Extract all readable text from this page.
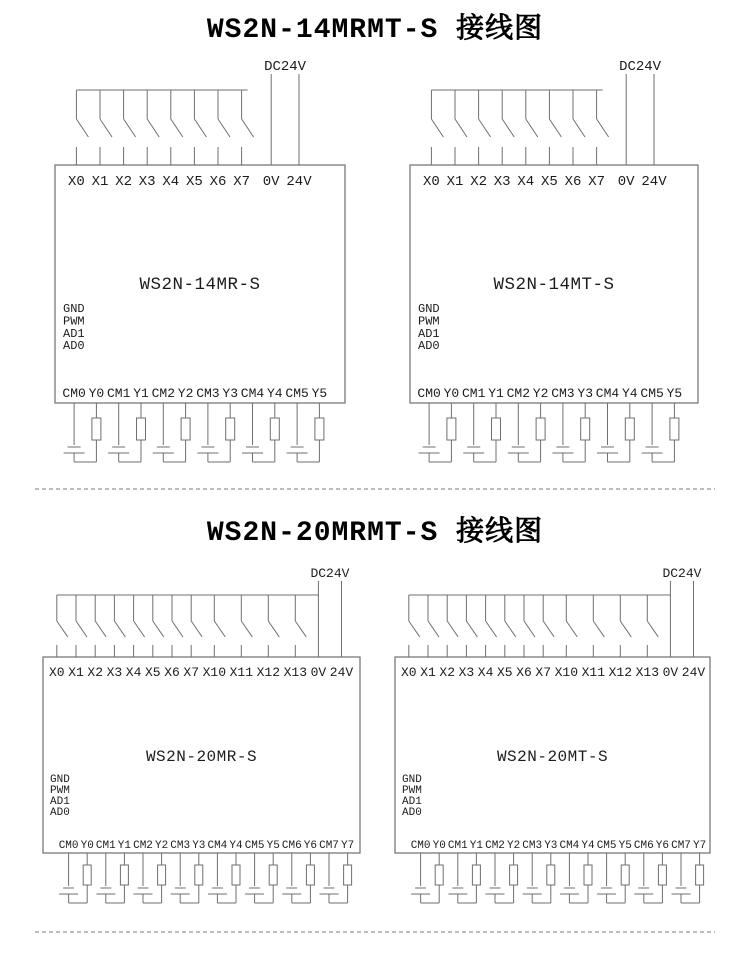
WS2N-14MRMT-S 接线图
WS2N-20MRMT-S 接线图
X0 X1 X2 X3 X4 X5 X6 X7 0V 24V
DC24V
WS2N-14MR-S
GND
PWM
AD1
AD0
CM0 Y0 CM1 Y1 CM2 Y2 CM3 Y3 CM4 Y4 CM5 Y5
X0 X1 X2 X3 X4 X5 X6 X7 0V 24V
DC24V
WS2N-14MT-S
GND
PWM
AD1
AD0
CM0 Y0 CM1 Y1 CM2 Y2 CM3 Y3 CM4 Y4 CM5 Y5
X0 X1 X2 X3 X4 X5 X6 X7 X10 X11 X12 X13 0V 24V
DC24V
WS2N-20MR-S
GND
PWM
AD1
AD0
CM0 Y0 CM1 Y1 CM2 Y2 CM3 Y3 CM4 Y4 CM5 Y5 CM6 Y6 CM7 Y7
X0 X1 X2 X3 X4 X5 X6 X7 X10 X11 X12 X13 0V 24V
DC24V
WS2N-20MT-S
GND
PWM
AD1
AD0
CM0 Y0 CM1 Y1 CM2 Y2 CM3 Y3 CM4 Y4 CM5 Y5 CM6 Y6 CM7 Y7
